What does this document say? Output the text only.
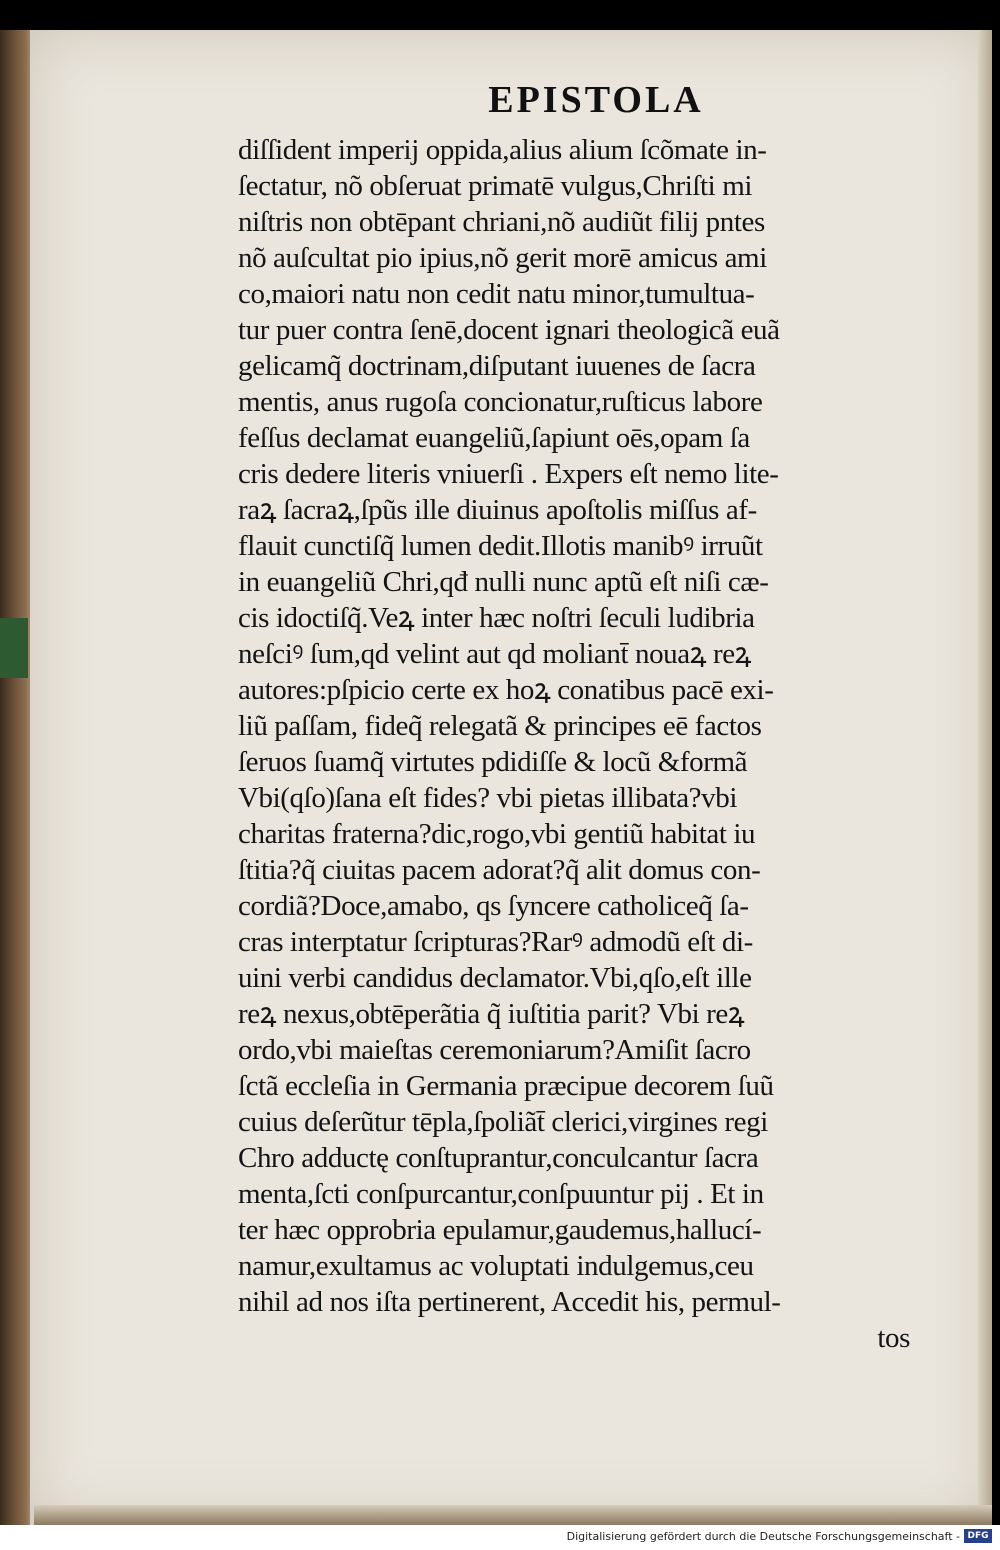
EPISTOLA
diſſident imperij oppida,alius alium ſcõmate in-
ſectatur, nõ obſeruat primatē vulgus,Chriſti mi
niſtris non obtēpant chriani,nõ audiũt filij pntes
nõ auſcultat pio ipius,nõ gerit morē amicus ami
co,maiori natu non cedit natu minor,tumultua-
tur puer contra ſenē,docent ignari theologicã euã
gelicamq̃ doctrinam,diſputant iuuenes de ſacra
mentis, anus rugoſa concionatur,ruſticus labore
feſſus declamat euangeliũ,ſapiunt oēs,opam ſa
cris dedere literis vniuerſi . Expers eſt nemo lite-
raꝝ ſacraꝝ,ſpũs ille diuinus apoſtolis miſſus af-
flauit cunctiſq̃ lumen dedit.Illotis manibꝰ irruũt
in euangeliũ Chri,qđ nulli nunc aptũ eſt niſi cæ-
cis idoctiſq̃.Veꝝ inter hæc noſtri ſeculi ludibria
neſciꝰ ſum,qd velint aut qd moliant̄ nouaꝝ reꝝ
autores:pſpicio certe ex hoꝝ conatibus pacē exi-
liũ paſſam, fideq̃ relegatã & principes eē factos
ſeruos ſuamq̃ virtutes pdidiſſe & locũ &formã
Vbi(qſo)ſana eſt fides? vbi pietas illibata?vbi
charitas fraterna?dic,rogo,vbi gentiũ habitat iu
ſtitia?q̃ ciuitas pacem adorat?q̃ alit domus con-
cordiã?Doce,amabo, qs ſyncere catholiceq̃ ſa-
cras interptatur ſcripturas?Rarꝰ admodũ eſt di-
uini verbi candidus declamator.Vbi,qſo,eſt ille
reꝝ nexus,obtēperãtia q̃ iuſtitia parit? Vbi reꝝ
ordo,vbi maieſtas ceremoniarum?Amiſit ſacro
ſctã eccleſia in Germania præcipue decorem ſuũ
cuius deſerũtur tēpla,ſpoliãt̄ clerici,virgines regi
Chro adductę conſtuprantur,conculcantur ſacra
menta,ſcti conſpurcantur,conſpuuntur pij . Et in
ter hæc opprobria epulamur,gaudemus,hallucí-
namur,exultamus ac voluptati indulgemus,ceu
nihil ad nos iſta pertinerent, Accedit his, permul-
tos
Digitalisierung gefördert durch die Deutsche Forschungsgemeinschaft - DFG
